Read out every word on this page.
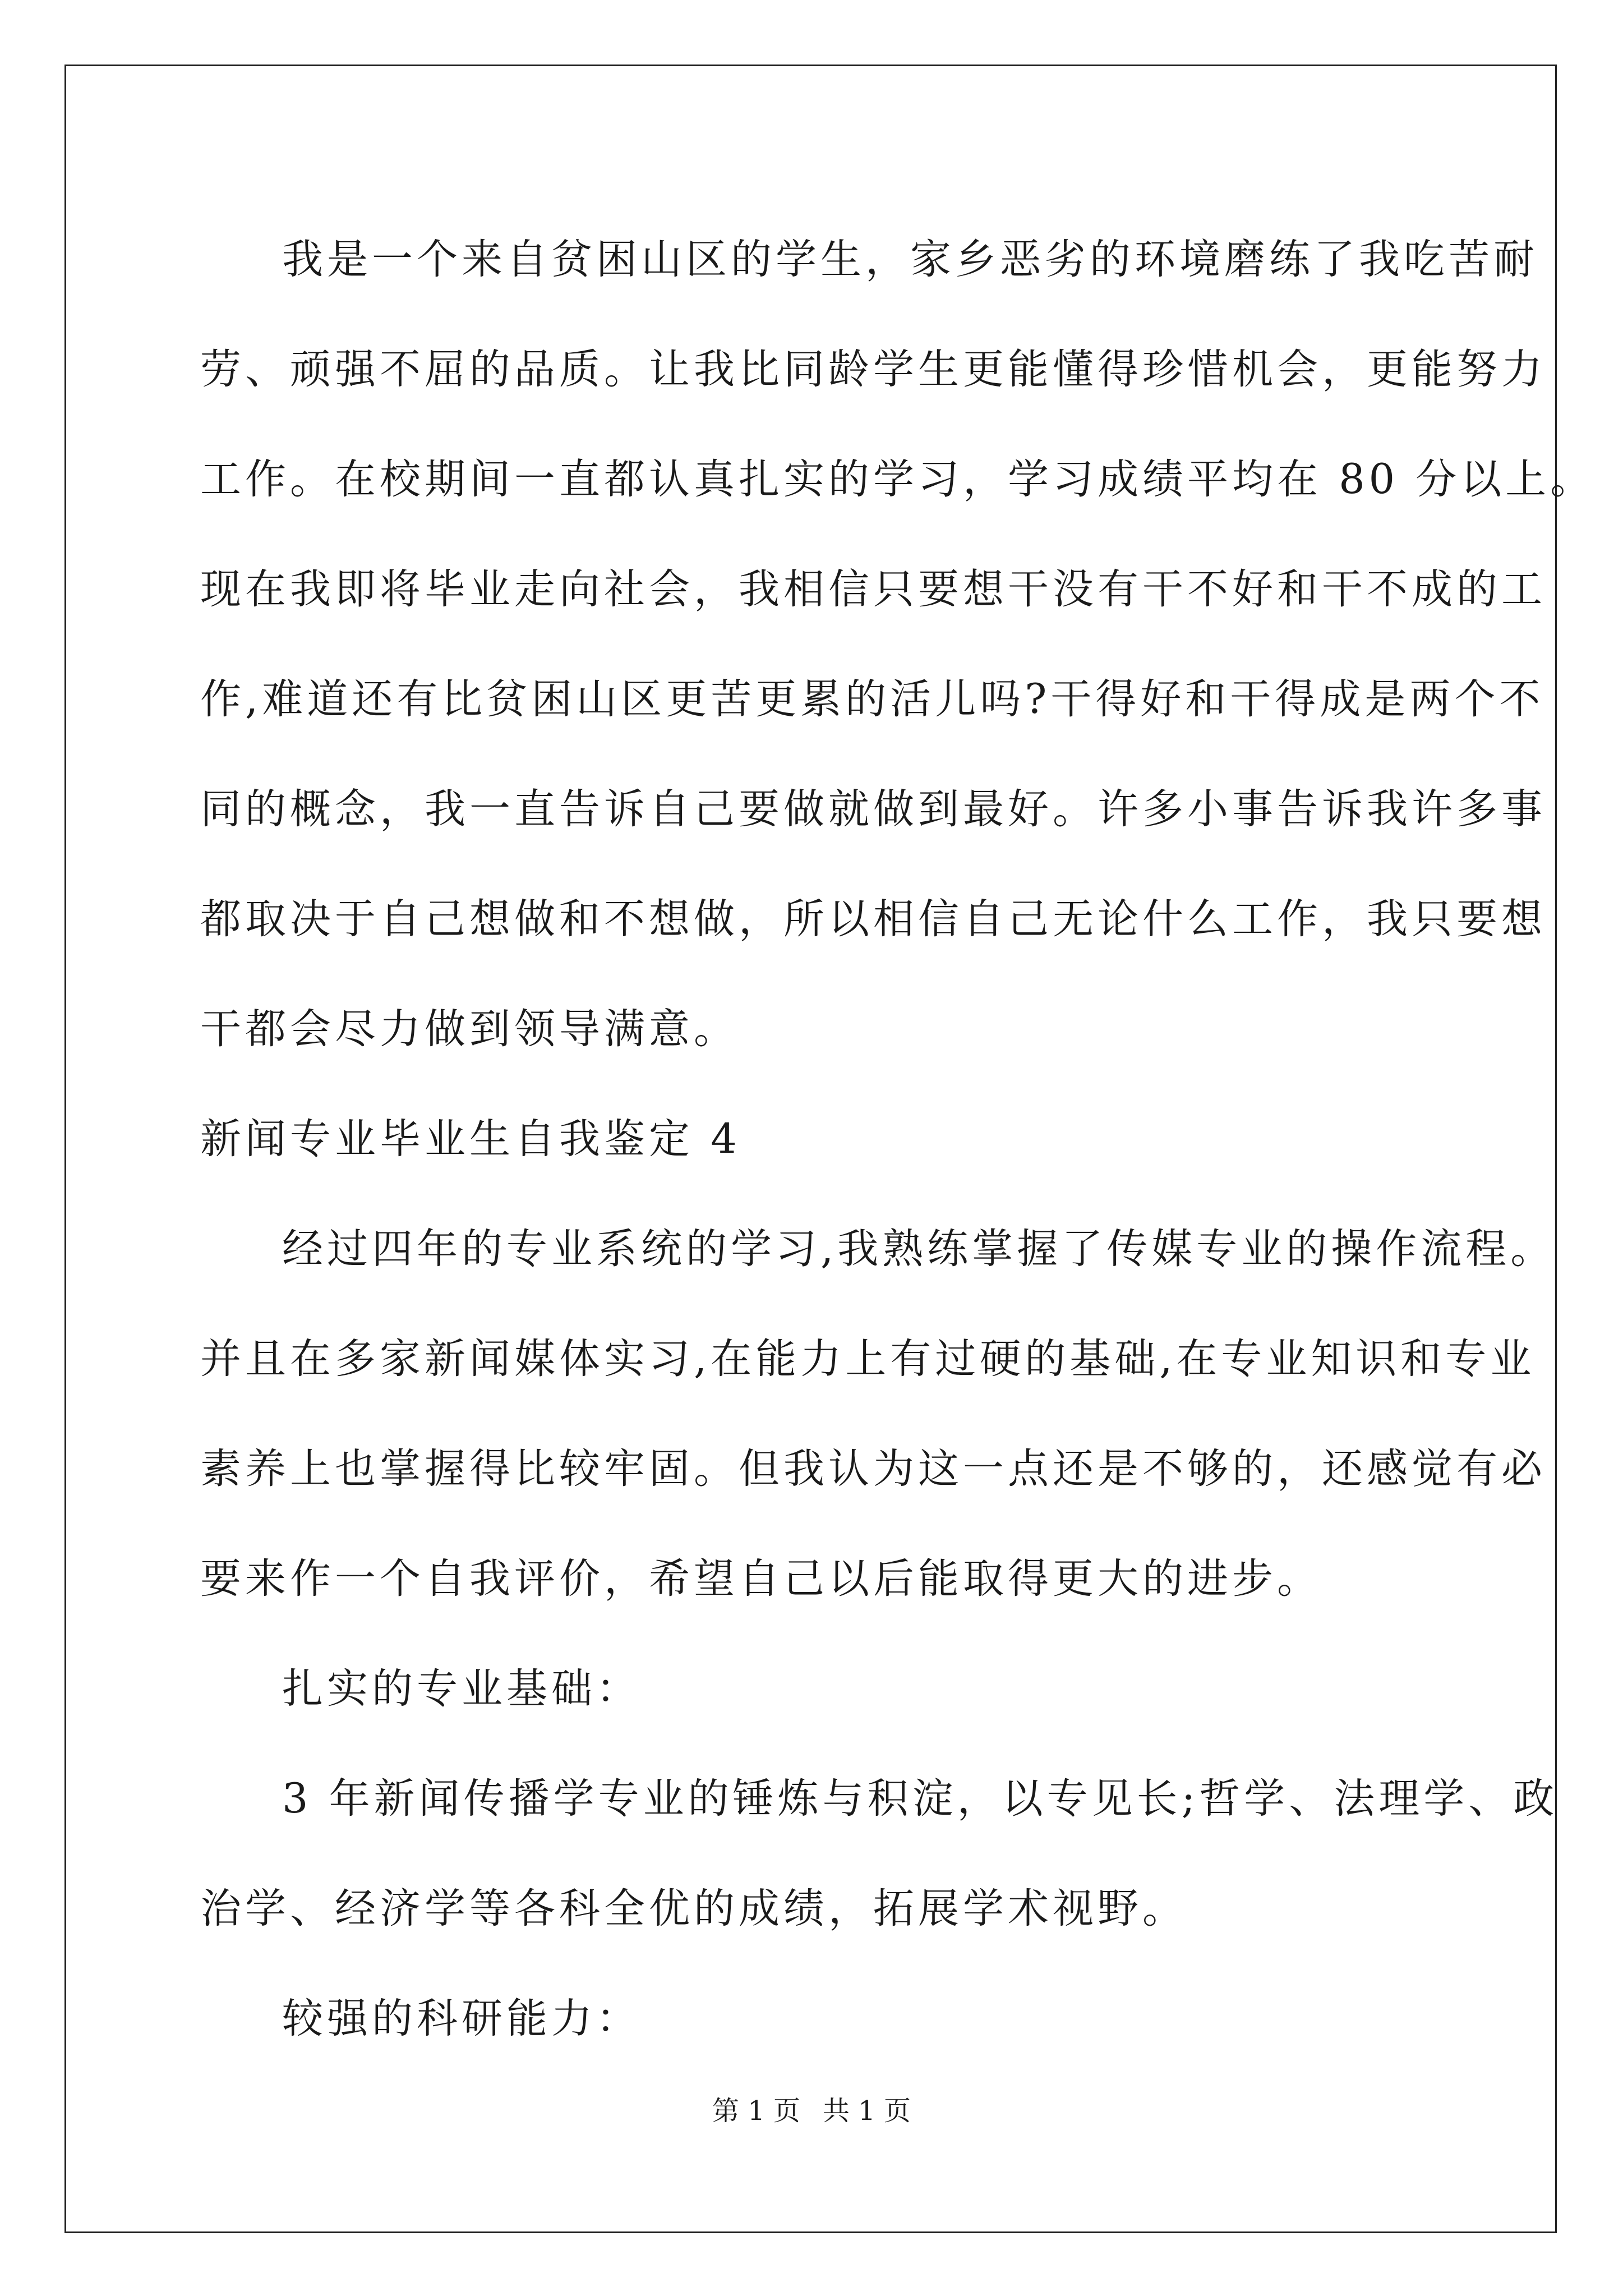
我是一个来自贫困山区的学生，家乡恶劣的环境磨练了我吃苦耐
劳、顽强不屈的品质。让我比同龄学生更能懂得珍惜机会，更能努力
工作。在校期间一直都认真扎实的学习，学习成绩平均在 80 分以上。
现在我即将毕业走向社会，我相信只要想干没有干不好和干不成的工
作,难道还有比贫困山区更苦更累的活儿吗?干得好和干得成是两个不
同的概念，我一直告诉自己要做就做到最好。许多小事告诉我许多事
都取决于自己想做和不想做，所以相信自己无论什么工作，我只要想
干都会尽力做到领导满意。
新闻专业毕业生自我鉴定 4
经过四年的专业系统的学习,我熟练掌握了传媒专业的操作流程。
并且在多家新闻媒体实习,在能力上有过硬的基础,在专业知识和专业
素养上也掌握得比较牢固。但我认为这一点还是不够的，还感觉有必
要来作一个自我评价，希望自己以后能取得更大的进步。
扎实的专业基础：
3 年新闻传播学专业的锤炼与积淀，以专见长;哲学、法理学、政
治学、经济学等各科全优的成绩，拓展学术视野。
较强的科研能力：
第 1 页 共 1 页
